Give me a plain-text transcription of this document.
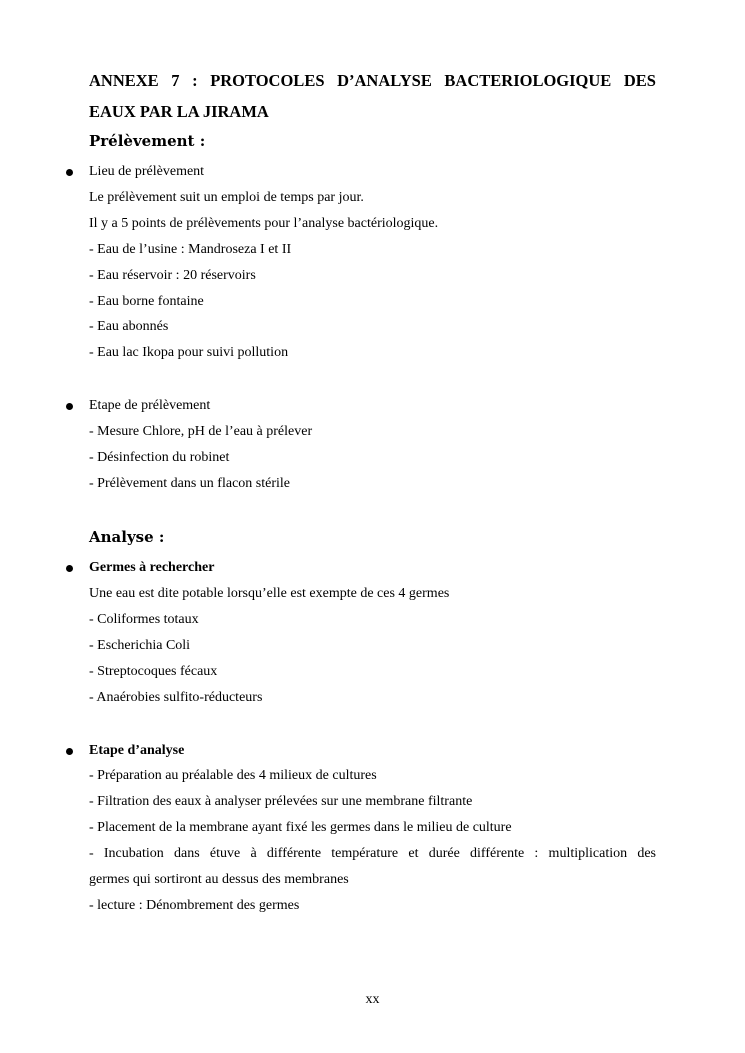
ANNEXE 7 : PROTOCOLES D’ANALYSE BACTERIOLOGIQUE DES
EAUX PAR LA JIRAMA
Prélèvement :
Lieu de prélèvement
Le prélèvement suit un emploi de temps par jour.
Il y a 5 points de prélèvements pour l’analyse bactériologique.
- Eau de l’usine : Mandroseza I et II
- Eau réservoir : 20 réservoirs
- Eau borne fontaine
- Eau abonnés
- Eau lac Ikopa pour suivi pollution
Etape de prélèvement
- Mesure Chlore, pH de l’eau à prélever
- Désinfection du robinet
- Prélèvement dans un flacon stérile
Analyse :
Germes à rechercher
Une eau est dite potable lorsqu’elle est exempte de ces 4 germes
- Coliformes totaux
- Escherichia Coli
- Streptocoques fécaux
- Anaérobies sulfito-réducteurs
Etape d’analyse
- Préparation au préalable des 4 milieux de cultures
- Filtration des eaux à analyser prélevées sur une membrane filtrante
- Placement de la membrane ayant fixé les germes dans le milieu de culture
- Incubation dans étuve à différente température et durée différente : multiplication des
germes qui sortiront au dessus des membranes
- lecture : Dénombrement des germes
xx
